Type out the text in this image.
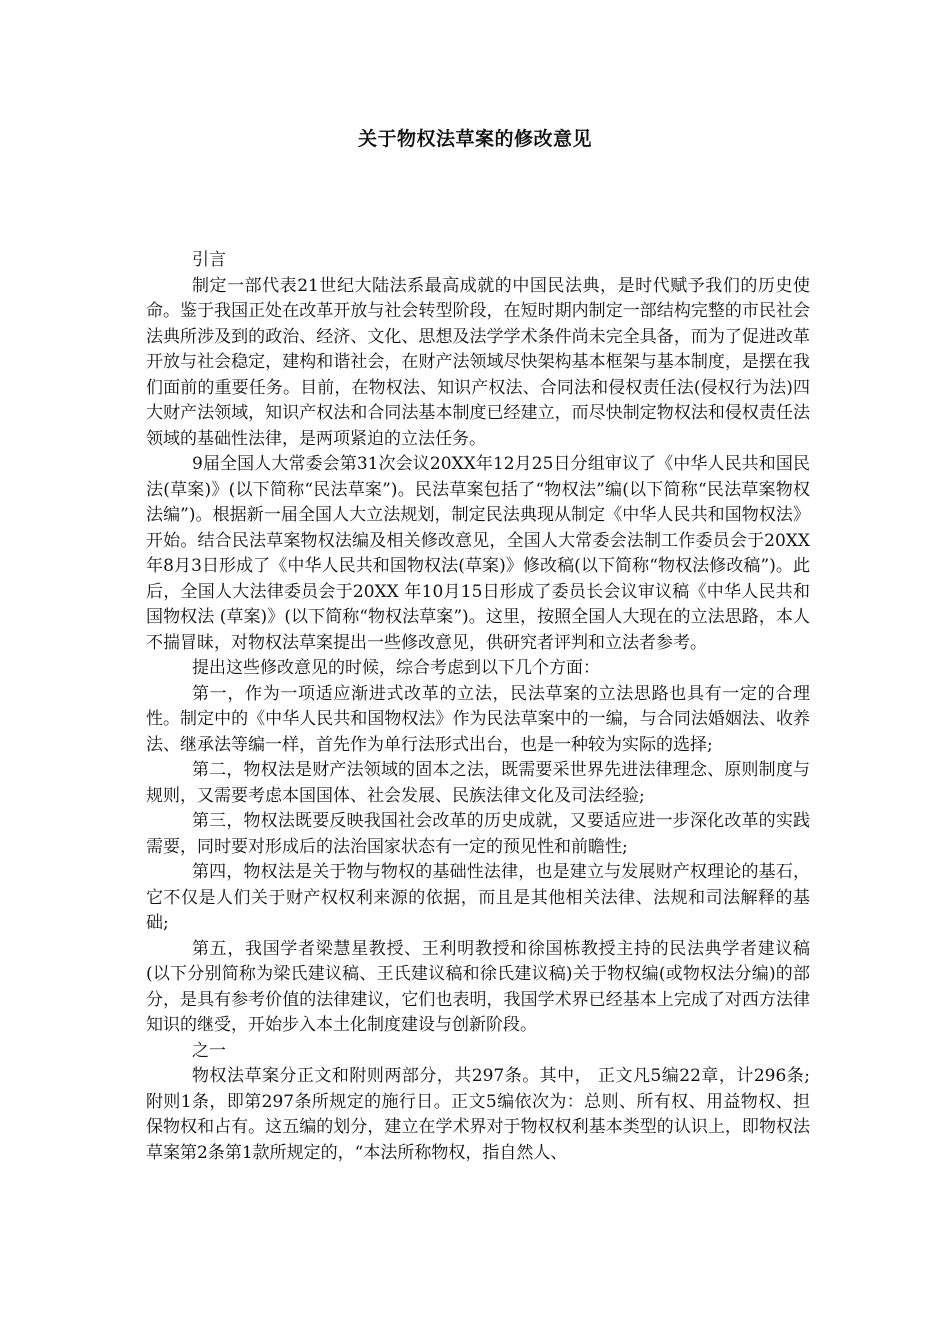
关于物权法草案的修改意见

引言

制定一部代表21世纪大陆法系最高成就的中国民法典，是时代赋予我们的历史使命。鉴于我国正处在改革开放与社会转型阶段，在短时期内制定一部结构完整的市民社会法典所涉及到的政治、经济、文化、思想及法学学术条件尚未完全具备，而为了促进改革开放与社会稳定，建构和谐社会，在财产法领域尽快架构基本框架与基本制度，是摆在我们面前的重要任务。目前，在物权法、知识产权法、合同法和侵权责任法(侵权行为法)四大财产法领域，知识产权法和合同法基本制度已经建立，而尽快制定物权法和侵权责任法领域的基础性法律，是两项紧迫的立法任务。

9届全国人大常委会第31次会议20XX年12月25日分组审议了《中华人民共和国民法(草案)》(以下简称“民法草案”)。民法草案包括了“物权法”编(以下简称“民法草案物权法编”)。根据新一届全国人大立法规划，制定民法典现从制定《中华人民共和国物权法》开始。结合民法草案物权法编及相关修改意见，全国人大常委会法制工作委员会于20XX年8月3日形成了《中华人民共和国物权法(草案)》修改稿(以下简称“物权法修改稿”)。此后，全国人大法律委员会于20XX 年10月15日形成了委员长会议审议稿《中华人民共和国物权法 (草案)》(以下简称“物权法草案”)。这里，按照全国人大现在的立法思路，本人不揣冒昧，对物权法草案提出一些修改意见，供研究者评判和立法者参考。

提出这些修改意见的时候，综合考虑到以下几个方面：

第一，作为一项适应渐进式改革的立法，民法草案的立法思路也具有一定的合理性。制定中的《中华人民共和国物权法》作为民法草案中的一编，与合同法婚姻法、收养法、继承法等编一样，首先作为单行法形式出台，也是一种较为实际的选择;

第二，物权法是财产法领域的固本之法，既需要采世界先进法律理念、原则制度与规则，又需要考虑本国国体、社会发展、民族法律文化及司法经验;

第三，物权法既要反映我国社会改革的历史成就，又要适应进一步深化改革的实践需要，同时要对形成后的法治国家状态有一定的预见性和前瞻性;

第四，物权法是关于物与物权的基础性法律，也是建立与发展财产权理论的基石，它不仅是人们关于财产权权利来源的依据，而且是其他相关法律、法规和司法解释的基础;

第五，我国学者梁慧星教授、王利明教授和徐国栋教授主持的民法典学者建议稿(以下分别简称为梁氏建议稿、王氏建议稿和徐氏建议稿)关于物权编(或物权法分编)的部分，是具有参考价值的法律建议，它们也表明，我国学术界已经基本上完成了对西方法律知识的继受，开始步入本土化制度建设与创新阶段。

之一

物权法草案分正文和附则两部分，共297条。其中， 正文凡5编22章，计296条;附则1条，即第297条所规定的施行日。正文5编依次为：总则、所有权、用益物权、担保物权和占有。这五编的划分，建立在学术界对于物权权利基本类型的认识上，即物权法草案第2条第1款所规定的，“本法所称物权，指自然人、
